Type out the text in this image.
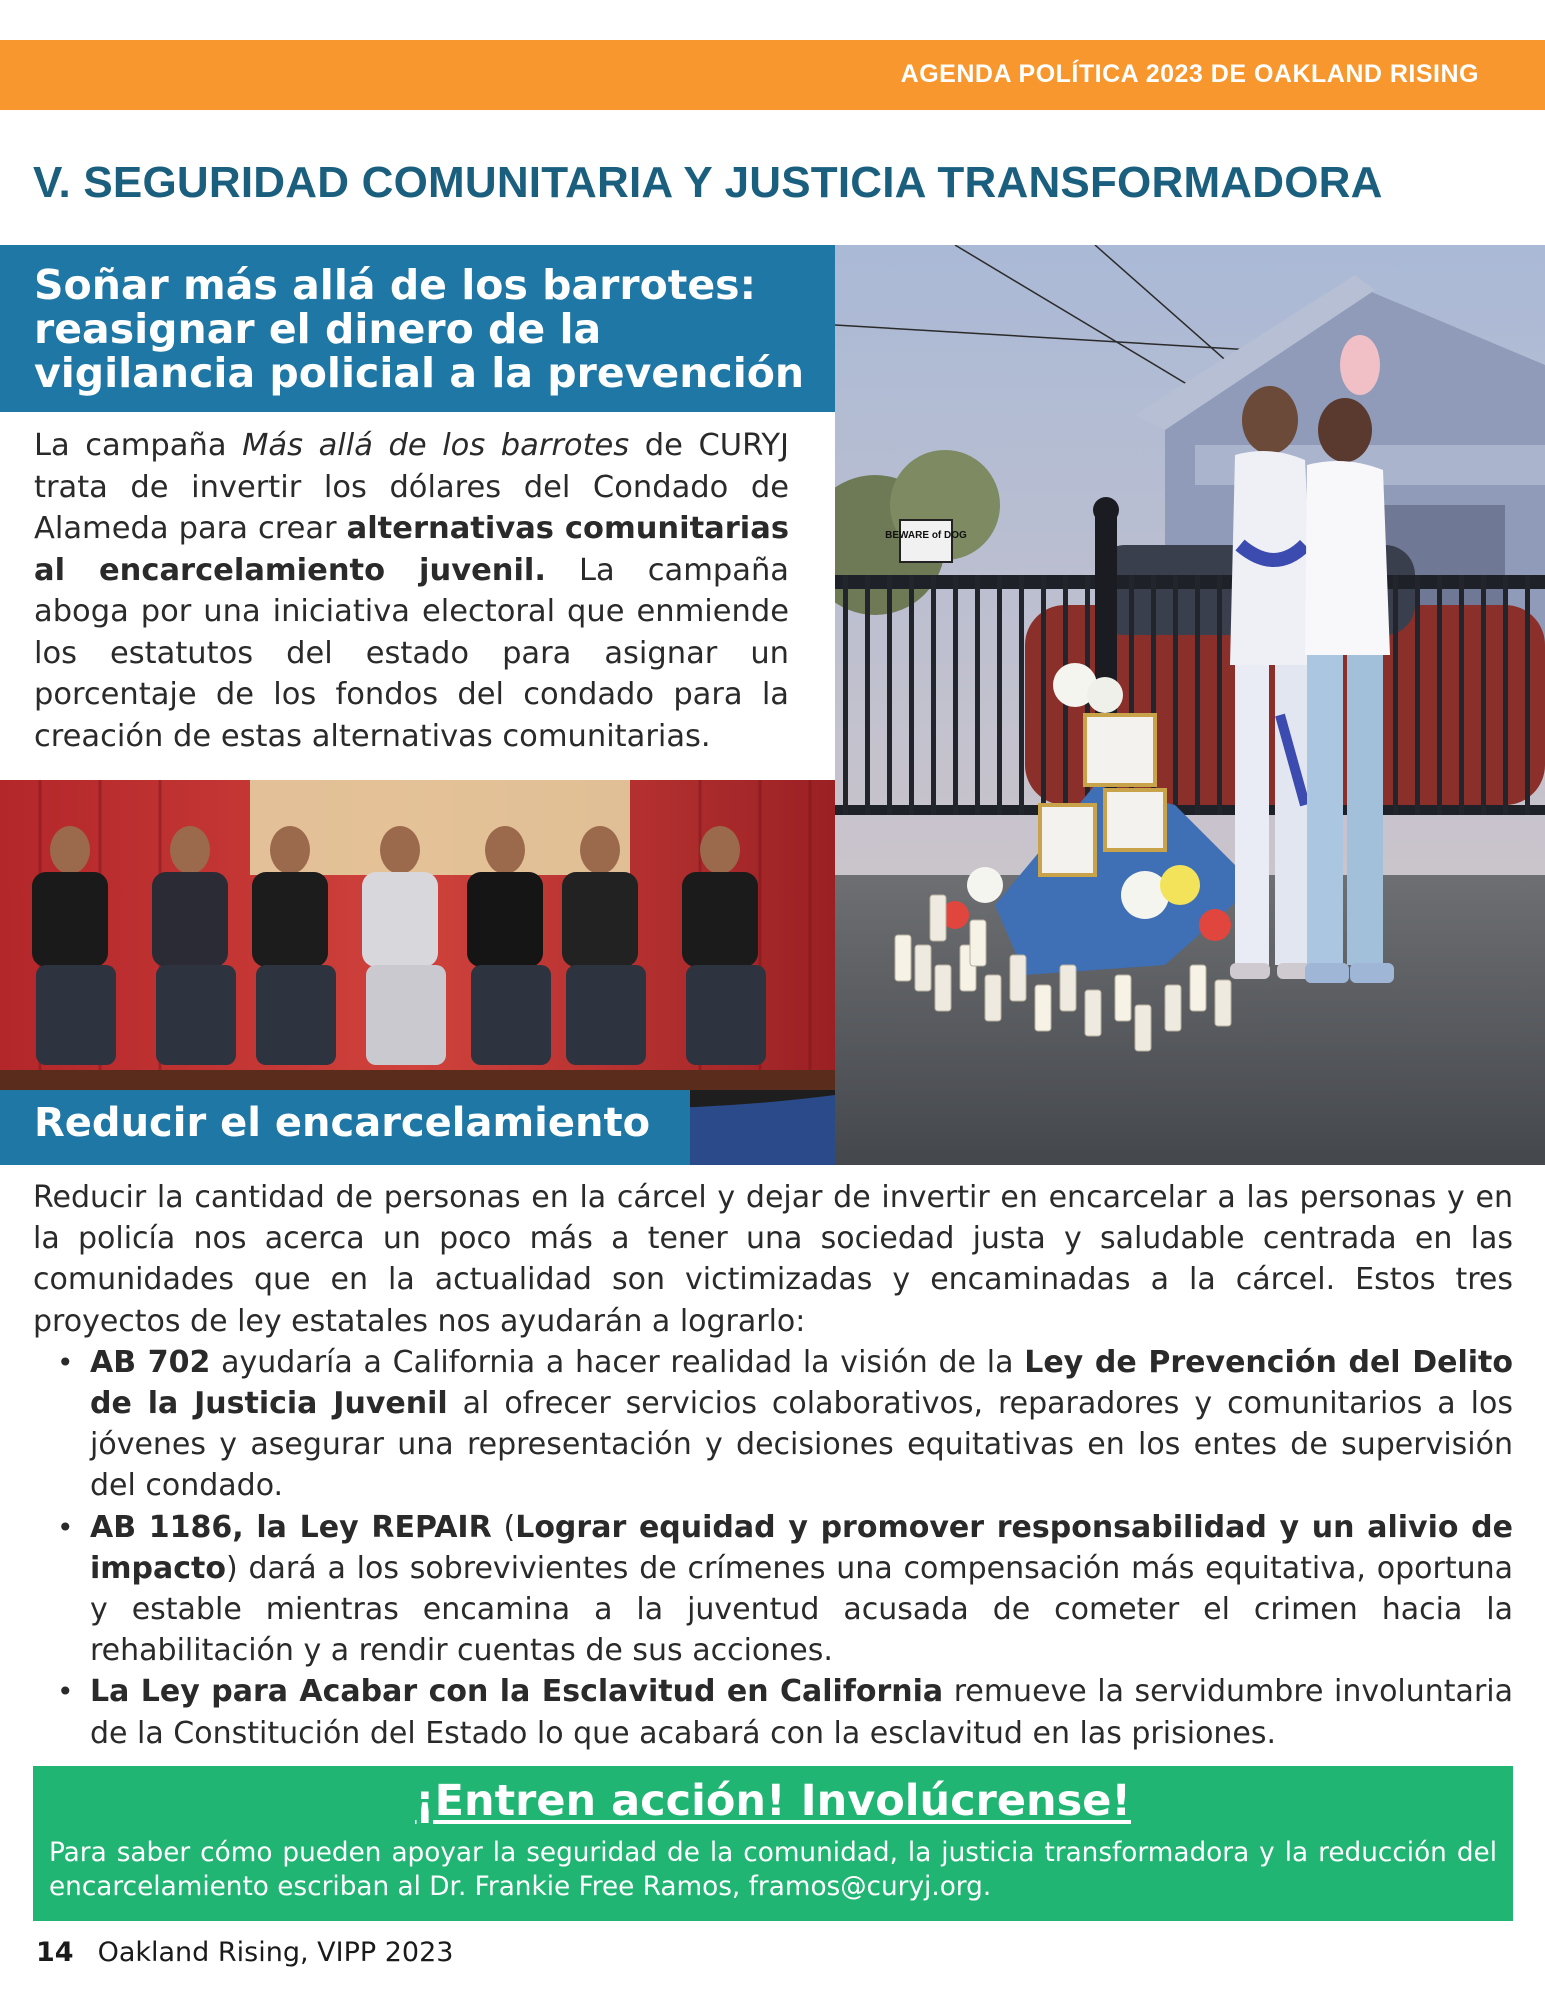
AGENDA POLÍTICA 2023 DE OAKLAND RISING
V. SEGURIDAD COMUNITARIA Y JUSTICIA TRANSFORMADORA
BEWARE of DOG
Soñar más allá de los barrotes:
reasignar el dinero de la
vigilancia policial a la prevención

La campaña Más allá de los barrotes de CURYJ trata de invertir los dólares del Condado de Alameda para crear alternativas comunitarias al encarcelamiento juvenil. La campaña aboga por una iniciativa electoral que enmiende los estatutos del estado para asignar un porcentaje de los fondos del condado para la creación de estas alternativas comunitarias.

Reducir el encarcelamiento

Reducir la cantidad de personas en la cárcel y dejar de invertir en encarcelar a las personas y en la policía nos acerca un poco más a tener una sociedad justa y saludable centrada en las comunidades que en la actualidad son victimizadas y encaminadas a la cárcel. Estos tres proyectos de ley estatales nos ayudarán a lograrlo:

• AB 702 ayudaría a California a hacer realidad la visión de la Ley de Prevención del Delito de la Justicia Juvenil al ofrecer servicios colaborativos, reparadores y comunitarios a los jóvenes y asegurar una representación y decisiones equitativas en los entes de supervisión del condado.
• AB 1186, la Ley REPAIR (Lograr equidad y promover responsabilidad y un alivio de impacto) dará a los sobrevivientes de crímenes una compensación más equitativa, oportuna y estable mientras encamina a la juventud acusada de cometer el crimen hacia la rehabilitación y a rendir cuentas de sus acciones.
• La Ley para Acabar con la Esclavitud en California remueve la servidumbre involuntaria de la Constitución del Estado lo que acabará con la esclavitud en las prisiones.
¡Entren acción! Involúcrense!

Para saber cómo pueden apoyar la seguridad de la comunidad, la justicia transformadora y la reducción del encarcelamiento escriban al Dr. Frankie Free Ramos, framos@curyj.org.

14 Oakland Rising, VIPP 2023
